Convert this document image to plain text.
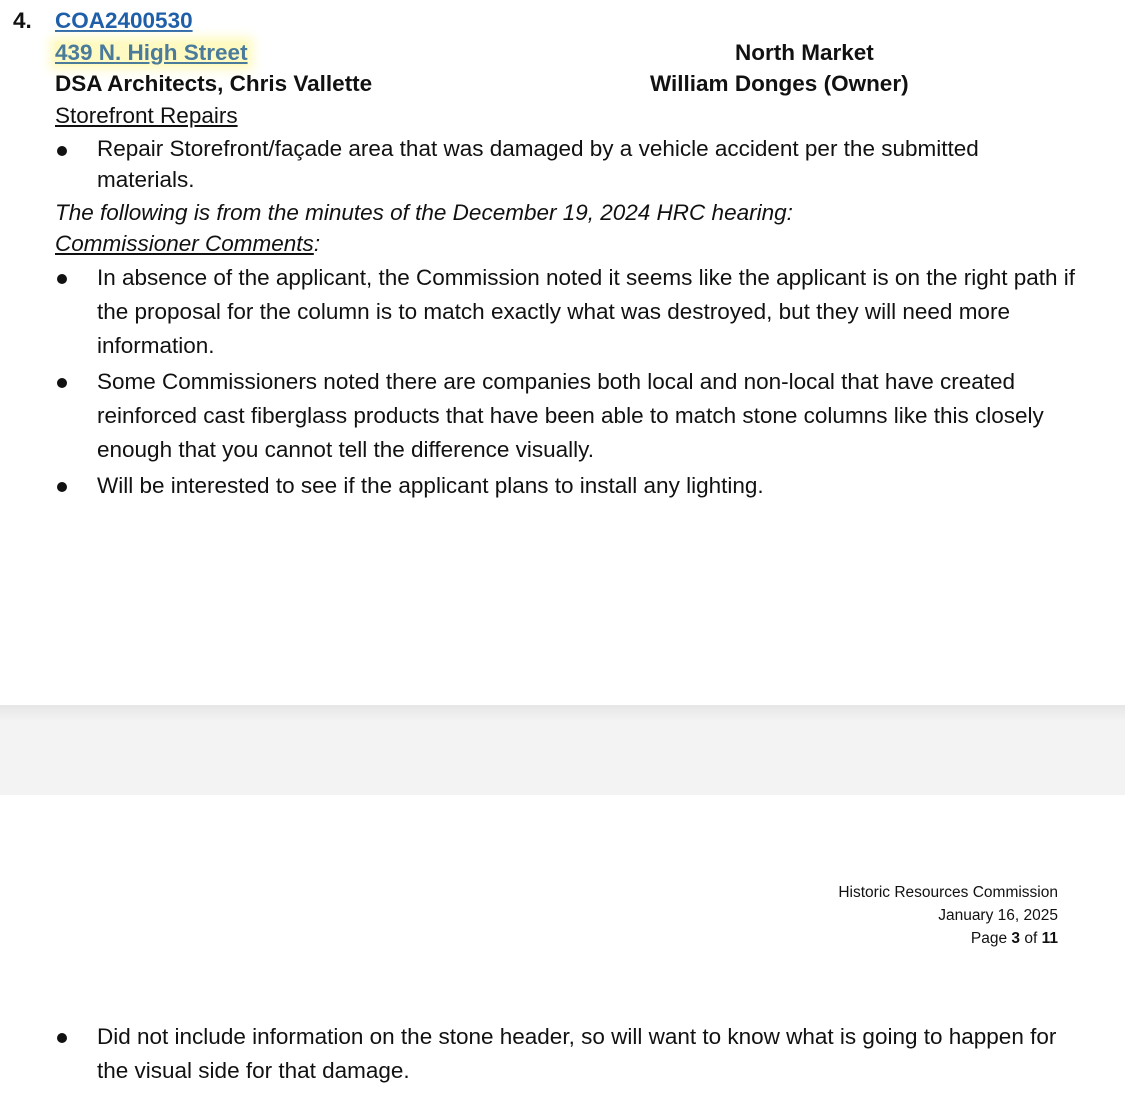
4. COA2400530
439 N. High Street	North Market
DSA Architects, Chris Vallette	William Donges (Owner)
Storefront Repairs
Repair Storefront/façade area that was damaged by a vehicle accident per the submitted materials.
The following is from the minutes of the December 19, 2024 HRC hearing:
Commissioner Comments:
In absence of the applicant, the Commission noted it seems like the applicant is on the right path if the proposal for the column is to match exactly what was destroyed, but they will need more information.
Some Commissioners noted there are companies both local and non-local that have created reinforced cast fiberglass products that have been able to match stone columns like this closely enough that you cannot tell the difference visually.
Will be interested to see if the applicant plans to install any lighting.
Historic Resources Commission
January 16, 2025
Page 3 of 11
Did not include information on the stone header, so will want to know what is going to happen for the visual side for that damage.
